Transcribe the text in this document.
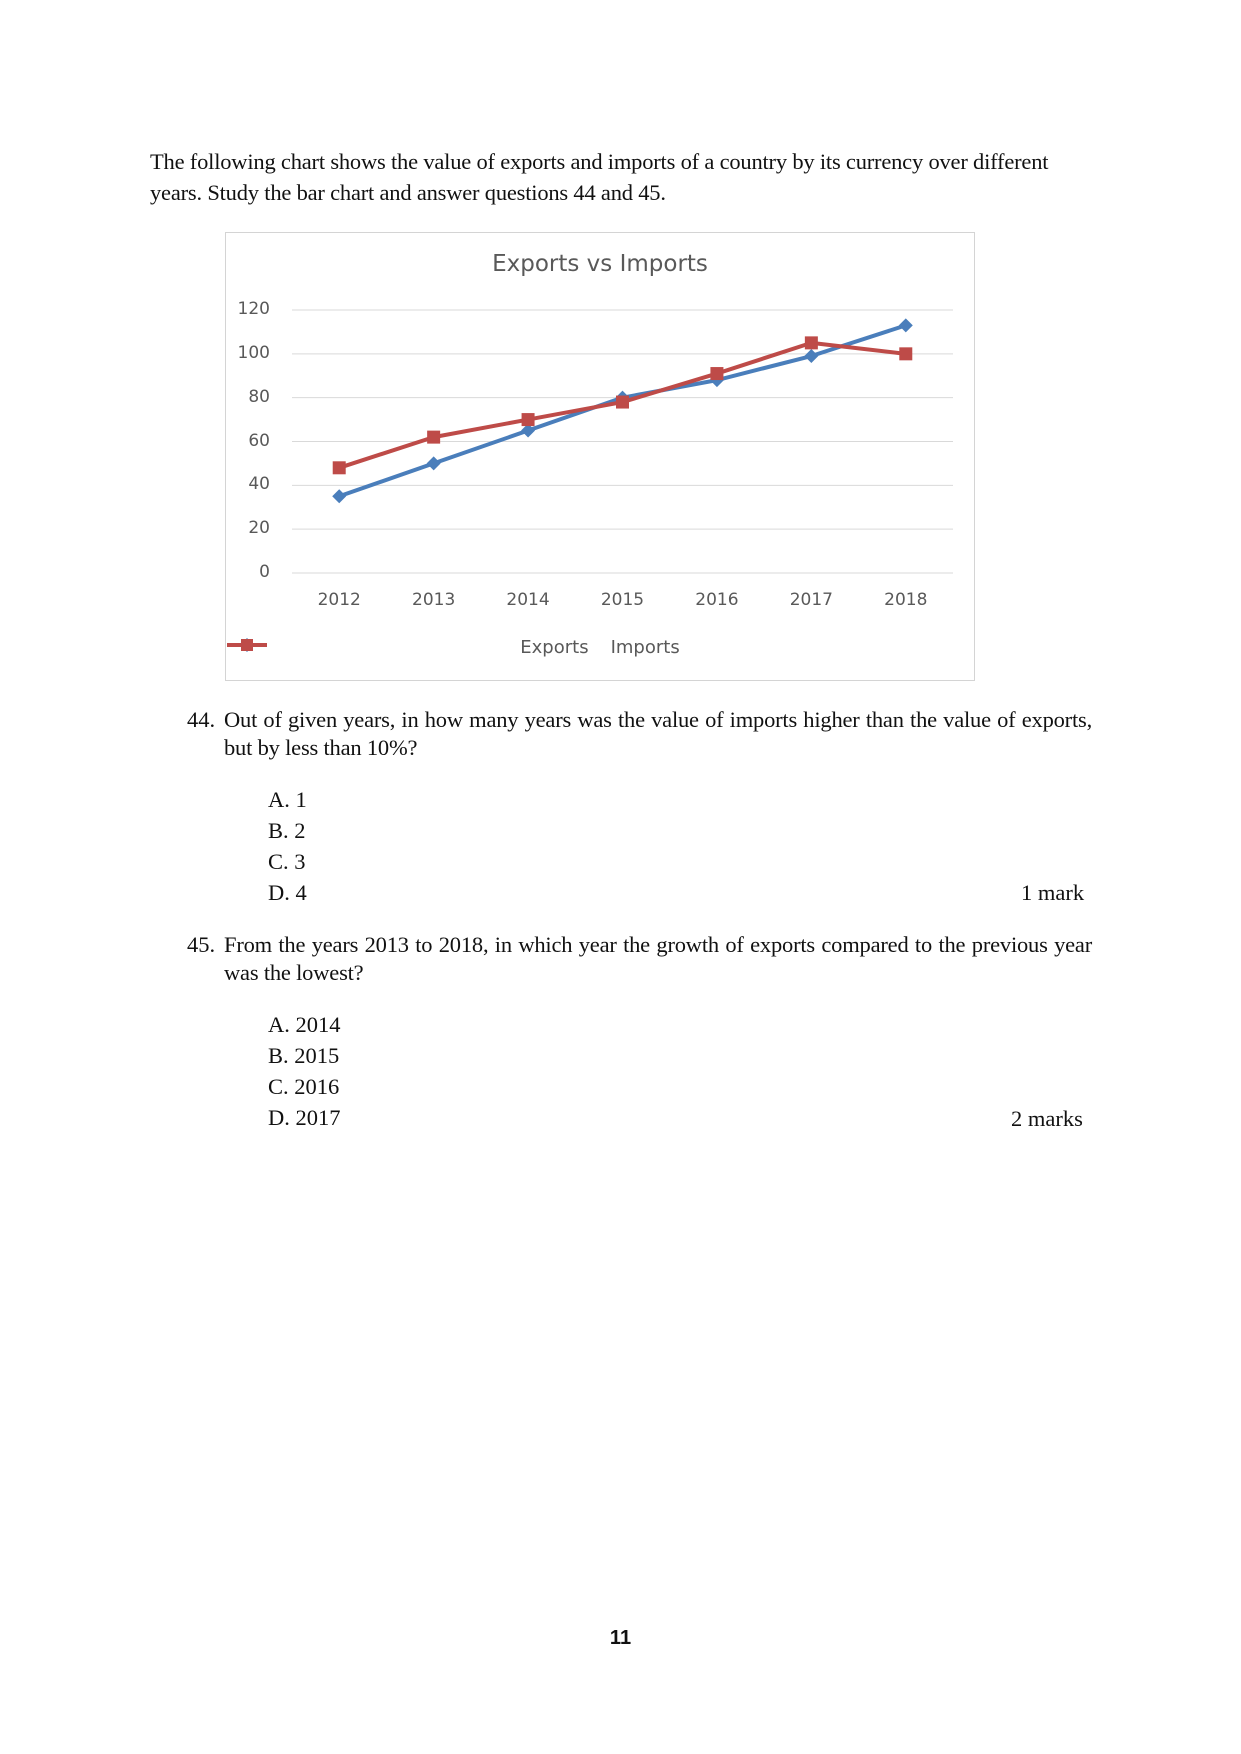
The following chart shows the value of exports and imports of a country by its currency over different years. Study the bar chart and answer questions 44 and 45.

Exports vs Imports
0
20
40
60
80
100
120
2012	2013	2014	2015	2016	2017	2018
Exports Imports
44. Out of given years, in how many years was the value of imports higher than the value of exports, but by less than 10%?
A. 1
B. 2
C. 3
D. 4	1 mark
45. From the years 2013 to 2018, in which year the growth of exports compared to the previous year was the lowest?
A. 2014
B. 2015
C. 2016
D. 2017	2 marks
11
